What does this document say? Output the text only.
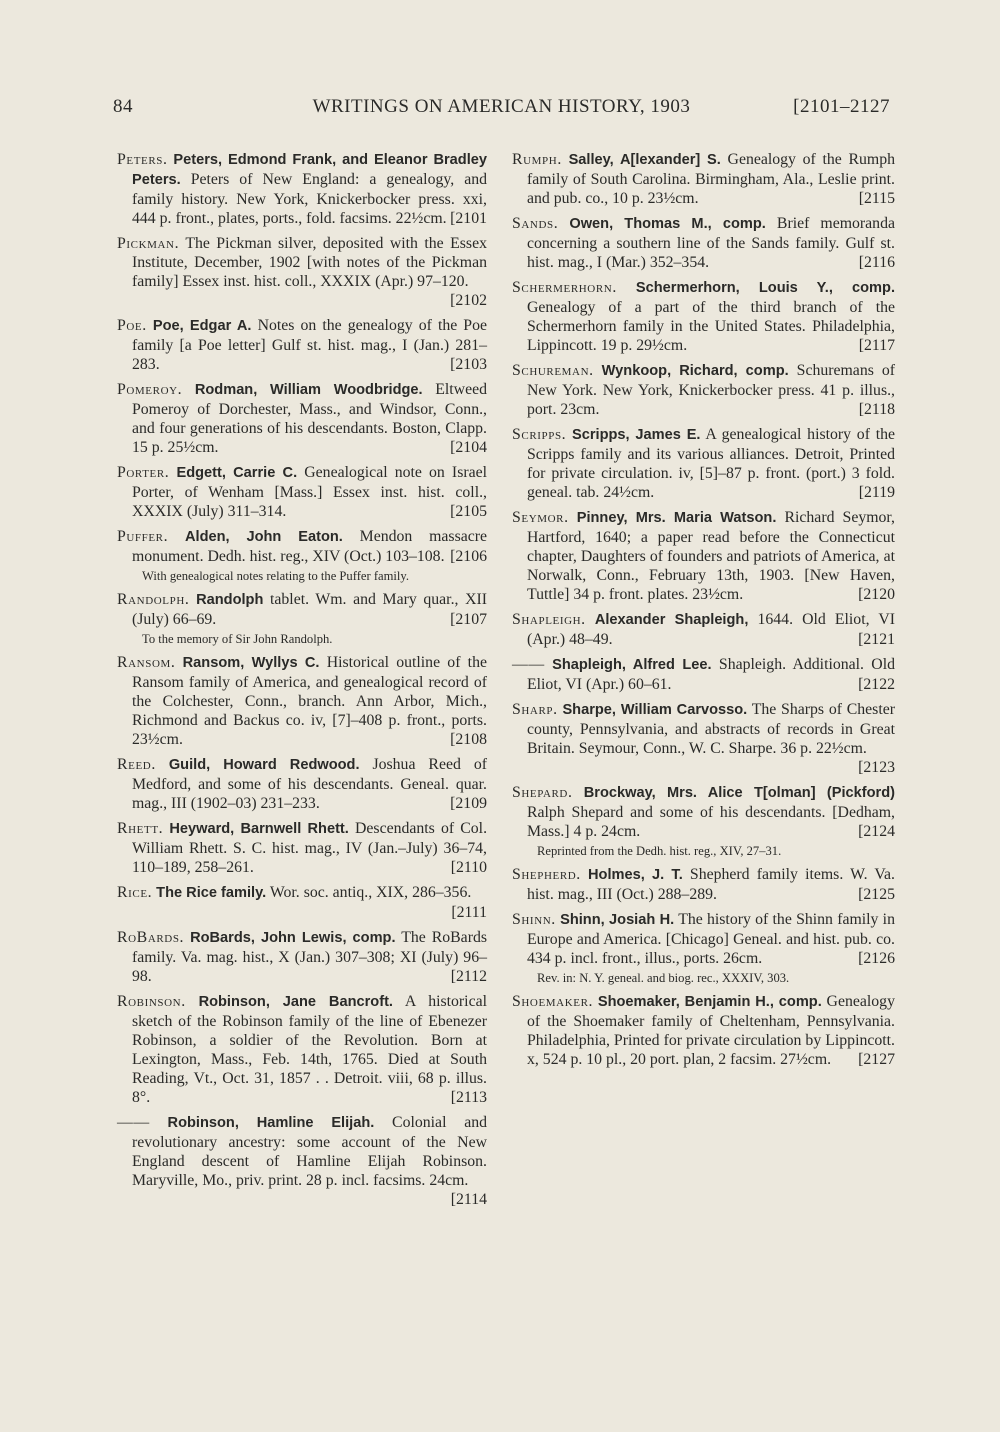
84	WRITINGS ON AMERICAN HISTORY, 1903	[2101–2127
Peters. Peters, Edmond Frank, and Eleanor Bradley Peters. Peters of New England: a genealogy, and family history. New York, Knickerbocker press. xxi, 444 p. front., plates, ports., fold. facsims. 22½cm. [2101
Pickman. The Pickman silver, deposited with the Essex Institute, December, 1902 [with notes of the Pickman family] Essex inst. hist. coll., XXXIX (Apr.) 97–120.
[2102
Poe. Poe, Edgar A. Notes on the genealogy of the Poe family [a Poe letter] Gulf st. hist. mag., I (Jan.) 281–283.	[2103
Pomeroy. Rodman, William Woodbridge. Eltweed Pomeroy of Dorchester, Mass., and Windsor, Conn., and four generations of his descendants. Boston, Clapp. 15 p. 25½cm.	[2104
Porter. Edgett, Carrie C. Genealogical note on Israel Porter, of Wenham [Mass.] Essex inst. hist. coll., XXXIX (July) 311–314.	[2105
Puffer. Alden, John Eaton. Mendon massacre monument. Dedh. hist. reg., XIV (Oct.) 103–108. [2106
With genealogical notes relating to the Puffer family.
Randolph. Randolph tablet. Wm. and Mary quar., XII (July) 66–69.	[2107
To the memory of Sir John Randolph.
Ransom. Ransom, Wyllys C. Historical outline of the Ransom family of America, and genealogical record of the Colchester, Conn., branch. Ann Arbor, Mich., Richmond and Backus co. iv, [7]–408 p. front., ports. 23½cm.	[2108
Reed. Guild, Howard Redwood. Joshua Reed of Medford, and some of his descendants. Geneal. quar. mag., III (1902–03) 231–233.	[2109
Rhett. Heyward, Barnwell Rhett. Descendants of Col. William Rhett. S. C. hist. mag., IV (Jan.–July) 36–74, 110–189, 258–261.	[2110
Rice. The Rice family. Wor. soc. antiq., XIX, 286–356.
[2111
RoBards. RoBards, John Lewis, comp. The RoBards family. Va. mag. hist., X (Jan.) 307–308; XI (July) 96–98.	[2112
Robinson. Robinson, Jane Bancroft. A historical sketch of the Robinson family of the line of Ebenezer Robinson, a soldier of the Revolution. Born at Lexington, Mass., Feb. 14th, 1765. Died at South Reading, Vt., Oct. 31, 1857 . . Detroit. viii, 68 p. illus. 8°.	[2113
—— Robinson, Hamline Elijah. Colonial and revolutionary ancestry: some account of the New England descent of Hamline Elijah Robinson. Maryville, Mo., priv. print. 28 p. incl. facsims. 24cm.
[2114
Rumph. Salley, A[lexander] S. Genealogy of the Rumph family of South Carolina. Birmingham, Ala., Leslie print. and pub. co., 10 p. 23½cm.	[2115
Sands. Owen, Thomas M., comp. Brief memoranda concerning a southern line of the Sands family. Gulf st. hist. mag., I (Mar.) 352–354.	[2116
Schermerhorn. Schermerhorn, Louis Y., comp. Genealogy of a part of the third branch of the Schermerhorn family in the United States. Philadelphia, Lippincott. 19 p. 29½cm.	[2117
Schureman. Wynkoop, Richard, comp. Schuremans of New York. New York, Knickerbocker press. 41 p. illus., port. 23cm.	[2118
Scripps. Scripps, James E. A genealogical history of the Scripps family and its various alliances. Detroit, Printed for private circulation. iv, [5]–87 p. front. (port.) 3 fold. geneal. tab. 24½cm.	[2119
Seymor. Pinney, Mrs. Maria Watson. Richard Seymor, Hartford, 1640; a paper read before the Connecticut chapter, Daughters of founders and patriots of America, at Norwalk, Conn., February 13th, 1903. [New Haven, Tuttle] 34 p. front. plates. 23½cm.	[2120
Shapleigh. Alexander Shapleigh, 1644. Old Eliot, VI (Apr.) 48–49.	[2121
—— Shapleigh, Alfred Lee. Shapleigh. Additional. Old Eliot, VI (Apr.) 60–61.	[2122
Sharp. Sharpe, William Carvosso. The Sharps of Chester county, Pennsylvania, and abstracts of records in Great Britain. Seymour, Conn., W. C. Sharpe. 36 p. 22½cm.
[2123
Shepard. Brockway, Mrs. Alice T[olman] (Pickford) Ralph Shepard and some of his descendants. [Dedham, Mass.] 4 p. 24cm.	[2124
Reprinted from the Dedh. hist. reg., XIV, 27–31.
Shepherd. Holmes, J. T. Shepherd family items. W. Va. hist. mag., III (Oct.) 288–289.	[2125
Shinn. Shinn, Josiah H. The history of the Shinn family in Europe and America. [Chicago] Geneal. and hist. pub. co. 434 p. incl. front., illus., ports. 26cm.	[2126
Rev. in: N. Y. geneal. and biog. rec., XXXIV, 303.
Shoemaker. Shoemaker, Benjamin H., comp. Genealogy of the Shoemaker family of Cheltenham, Pennsylvania. Philadelphia, Printed for private circulation by Lippincott. x, 524 p. 10 pl., 20 port. plan, 2 facsim. 27½cm. [2127
